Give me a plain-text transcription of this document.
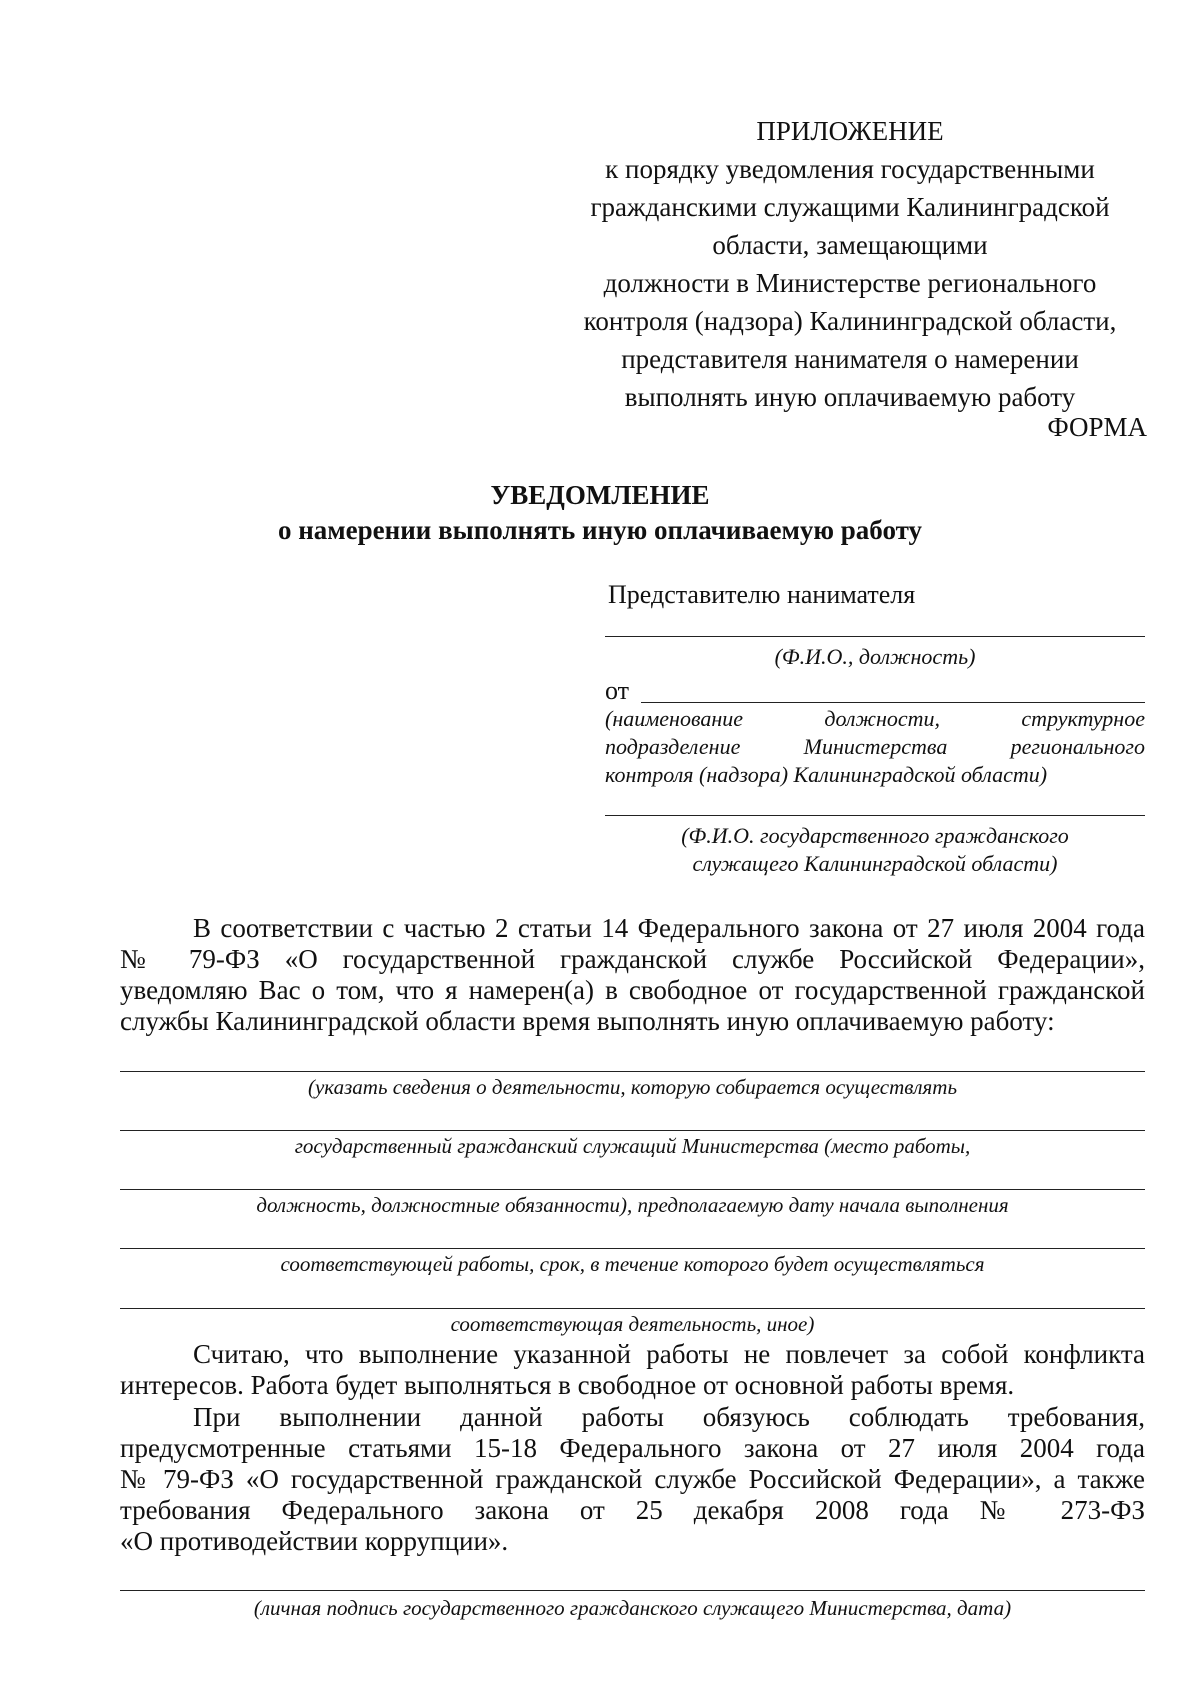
ПРИЛОЖЕНИЕ
к порядку уведомления государственными
гражданскими служащими Калининградской
области, замещающими
должности в Министерстве регионального
контроля (надзора) Калининградской области,
представителя нанимателя о намерении
выполнять иную оплачиваемую работу
ФОРМА
УВЕДОМЛЕНИЕ
о намерении выполнять иную оплачиваемую работу
Представителю нанимателя
(Ф.И.О., должность)
от
(наименование должности, структурное
подразделение Министерства регионального
контроля (надзора) Калининградской области)
(Ф.И.О. государственного гражданского
служащего Калининградской области)
В соответствии с частью 2 статьи 14 Федерального закона от 27 июля 2004 года
№ 79-ФЗ «О государственной гражданской службе Российской Федерации»,
уведомляю Вас о том, что я намерен(а) в свободное от государственной гражданской
службы Калининградской области время выполнять иную оплачиваемую работу:
(указать сведения о деятельности, которую собирается осуществлять
государственный гражданский служащий Министерства (место работы,
должность, должностные обязанности), предполагаемую дату начала выполнения
соответствующей работы, срок, в течение которого будет осуществляться
соответствующая деятельность, иное)
Считаю, что выполнение указанной работы не повлечет за собой конфликта
интересов. Работа будет выполняться в свободное от основной работы время.
При выполнении данной работы обязуюсь соблюдать требования,
предусмотренные статьями 15-18 Федерального закона от 27 июля 2004 года
№ 79-ФЗ «О государственной гражданской службе Российской Федерации», а также
требования Федерального закона от 25 декабря 2008 года № 273-ФЗ
«О противодействии коррупции».
(личная подпись государственного гражданского служащего Министерства, дата)
